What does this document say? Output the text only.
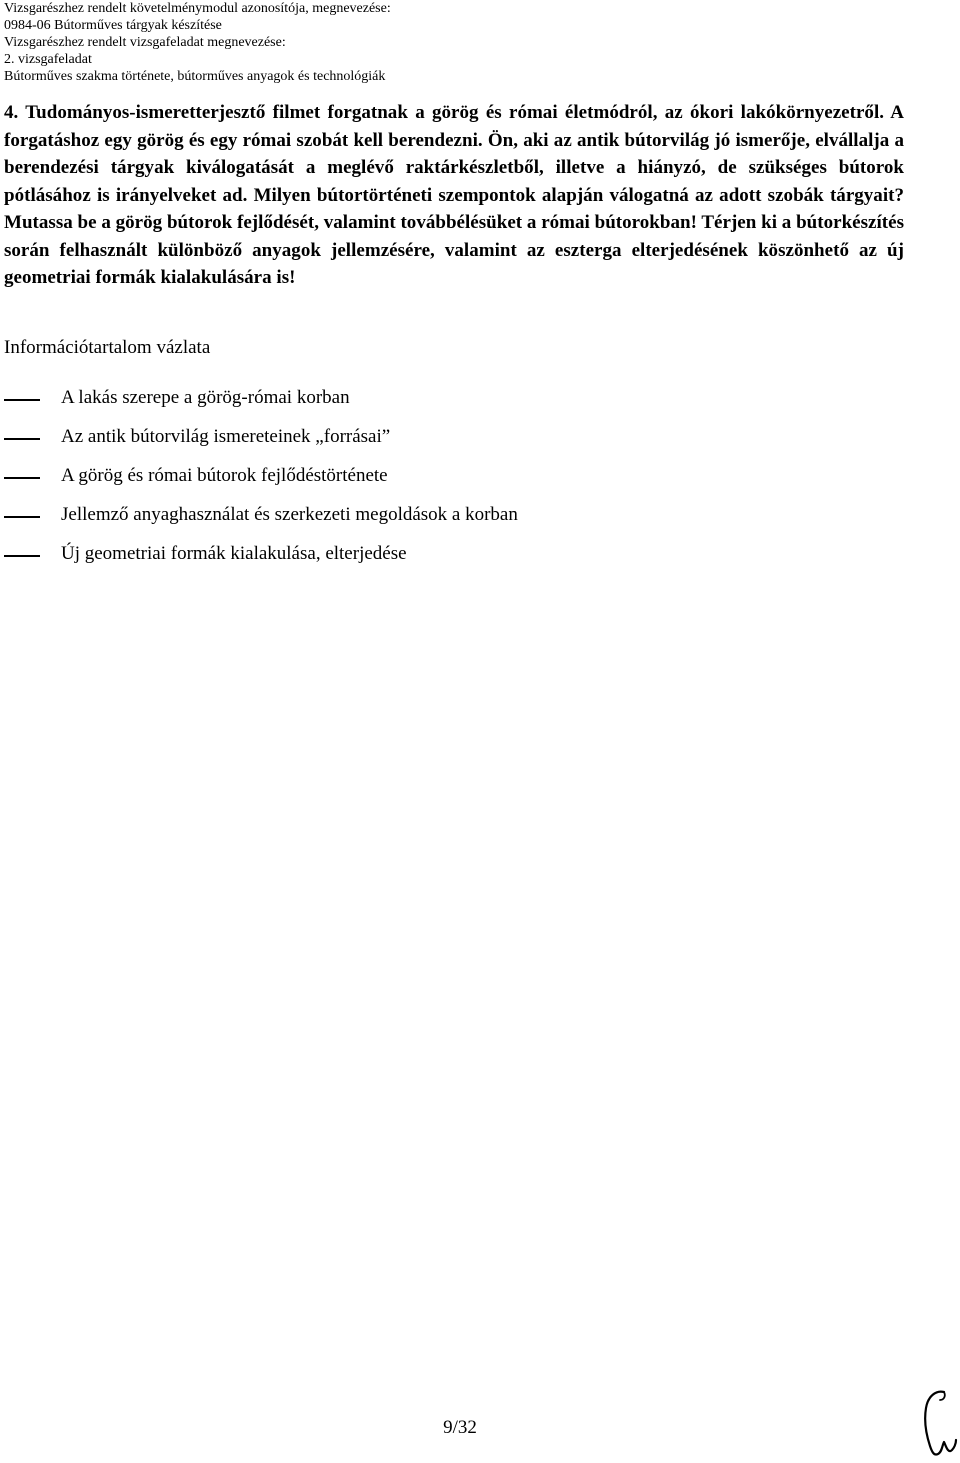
Vizsgarészhez rendelt követelménymodul azonosítója, megnevezése:
0984-06 Bútorműves tárgyak készítése
Vizsgarészhez rendelt vizsgafeladat megnevezése:
2. vizsgafeladat
Bútorműves szakma története, bútorműves anyagok és technológiák
4. Tudományos-ismeretterjesztő filmet forgatnak a görög és római életmódról, az ókori lakókörnyezetről. A forgatáshoz egy görög és egy római szobát kell berendezni. Ön, aki az antik bútorvilág jó ismerője, elvállalja a berendezési tárgyak kiválogatását a meglévő raktárkészletből, illetve a hiányzó, de szükséges bútorok pótlásához is irányelveket ad. Milyen bútortörténeti szempontok alapján válogatná az adott szobák tárgyait? Mutassa be a görög bútorok fejlődését, valamint továbbélésüket a római bútorokban! Térjen ki a bútorkészítés során felhasznált különböző anyagok jellemzésére, valamint az eszterga elterjedésének köszönhető az új geometriai formák kialakulására is!
Információtartalom vázlata
A lakás szerepe a görög-római korban
Az antik bútorvilág ismereteinek „forrásai”
A görög és római bútorok fejlődéstörténete
Jellemző anyaghasználat és szerkezeti megoldások a korban
Új geometriai formák kialakulása, elterjedése
9/32
